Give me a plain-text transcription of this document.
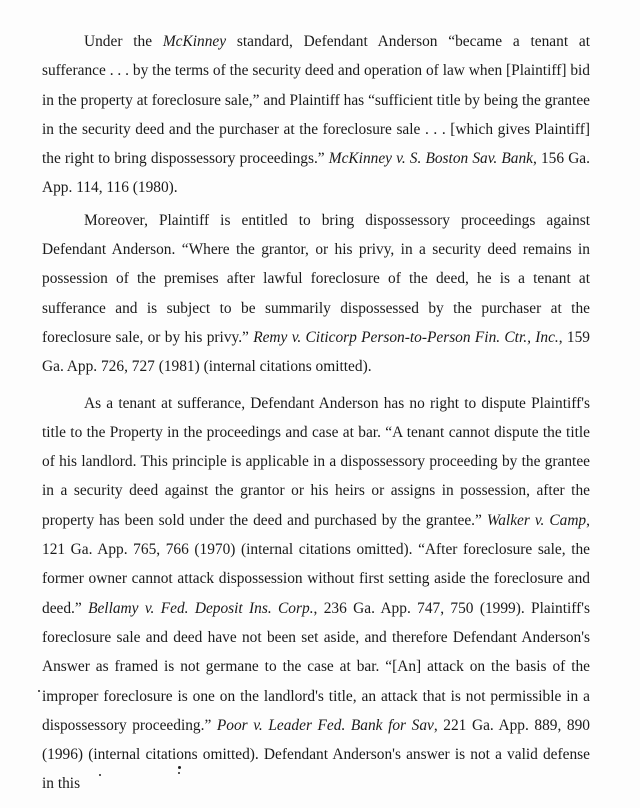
Under the McKinney standard, Defendant Anderson “became a tenant at sufferance . . . by the terms of the security deed and operation of law when [Plaintiff] bid in the property at foreclosure sale,” and Plaintiff has “sufficient title by being the grantee in the security deed and the purchaser at the foreclosure sale . . . [which gives Plaintiff] the right to bring dispossessory proceedings.” McKinney v. S. Boston Sav. Bank, 156 Ga. App. 114, 116 (1980).

Moreover, Plaintiff is entitled to bring dispossessory proceedings against Defendant Anderson. “Where the grantor, or his privy, in a security deed remains in possession of the premises after lawful foreclosure of the deed, he is a tenant at sufferance and is subject to be summarily dispossessed by the purchaser at the foreclosure sale, or by his privy.” Remy v. Citicorp Person-to-Person Fin. Ctr., Inc., 159 Ga. App. 726, 727 (1981) (internal citations omitted).

As a tenant at sufferance, Defendant Anderson has no right to dispute Plaintiff's title to the Property in the proceedings and case at bar. “A tenant cannot dispute the title of his landlord. This principle is applicable in a dispossessory proceeding by the grantee in a security deed against the grantor or his heirs or assigns in possession, after the property has been sold under the deed and purchased by the grantee.” Walker v. Camp, 121 Ga. App. 765, 766 (1970) (internal citations omitted). “After foreclosure sale, the former owner cannot attack dispossession without first setting aside the foreclosure and deed.” Bellamy v. Fed. Deposit Ins. Corp., 236 Ga. App. 747, 750 (1999). Plaintiff's foreclosure sale and deed have not been set aside, and therefore Defendant Anderson's Answer as framed is not germane to the case at bar. “[An] attack on the basis of the improper foreclosure is one on the landlord's title, an attack that is not permissible in a dispossessory proceeding.” Poor v. Leader Fed. Bank for Sav, 221 Ga. App. 889, 890 (1996) (internal citations omitted). Defendant Anderson's answer is not a valid defense in this
